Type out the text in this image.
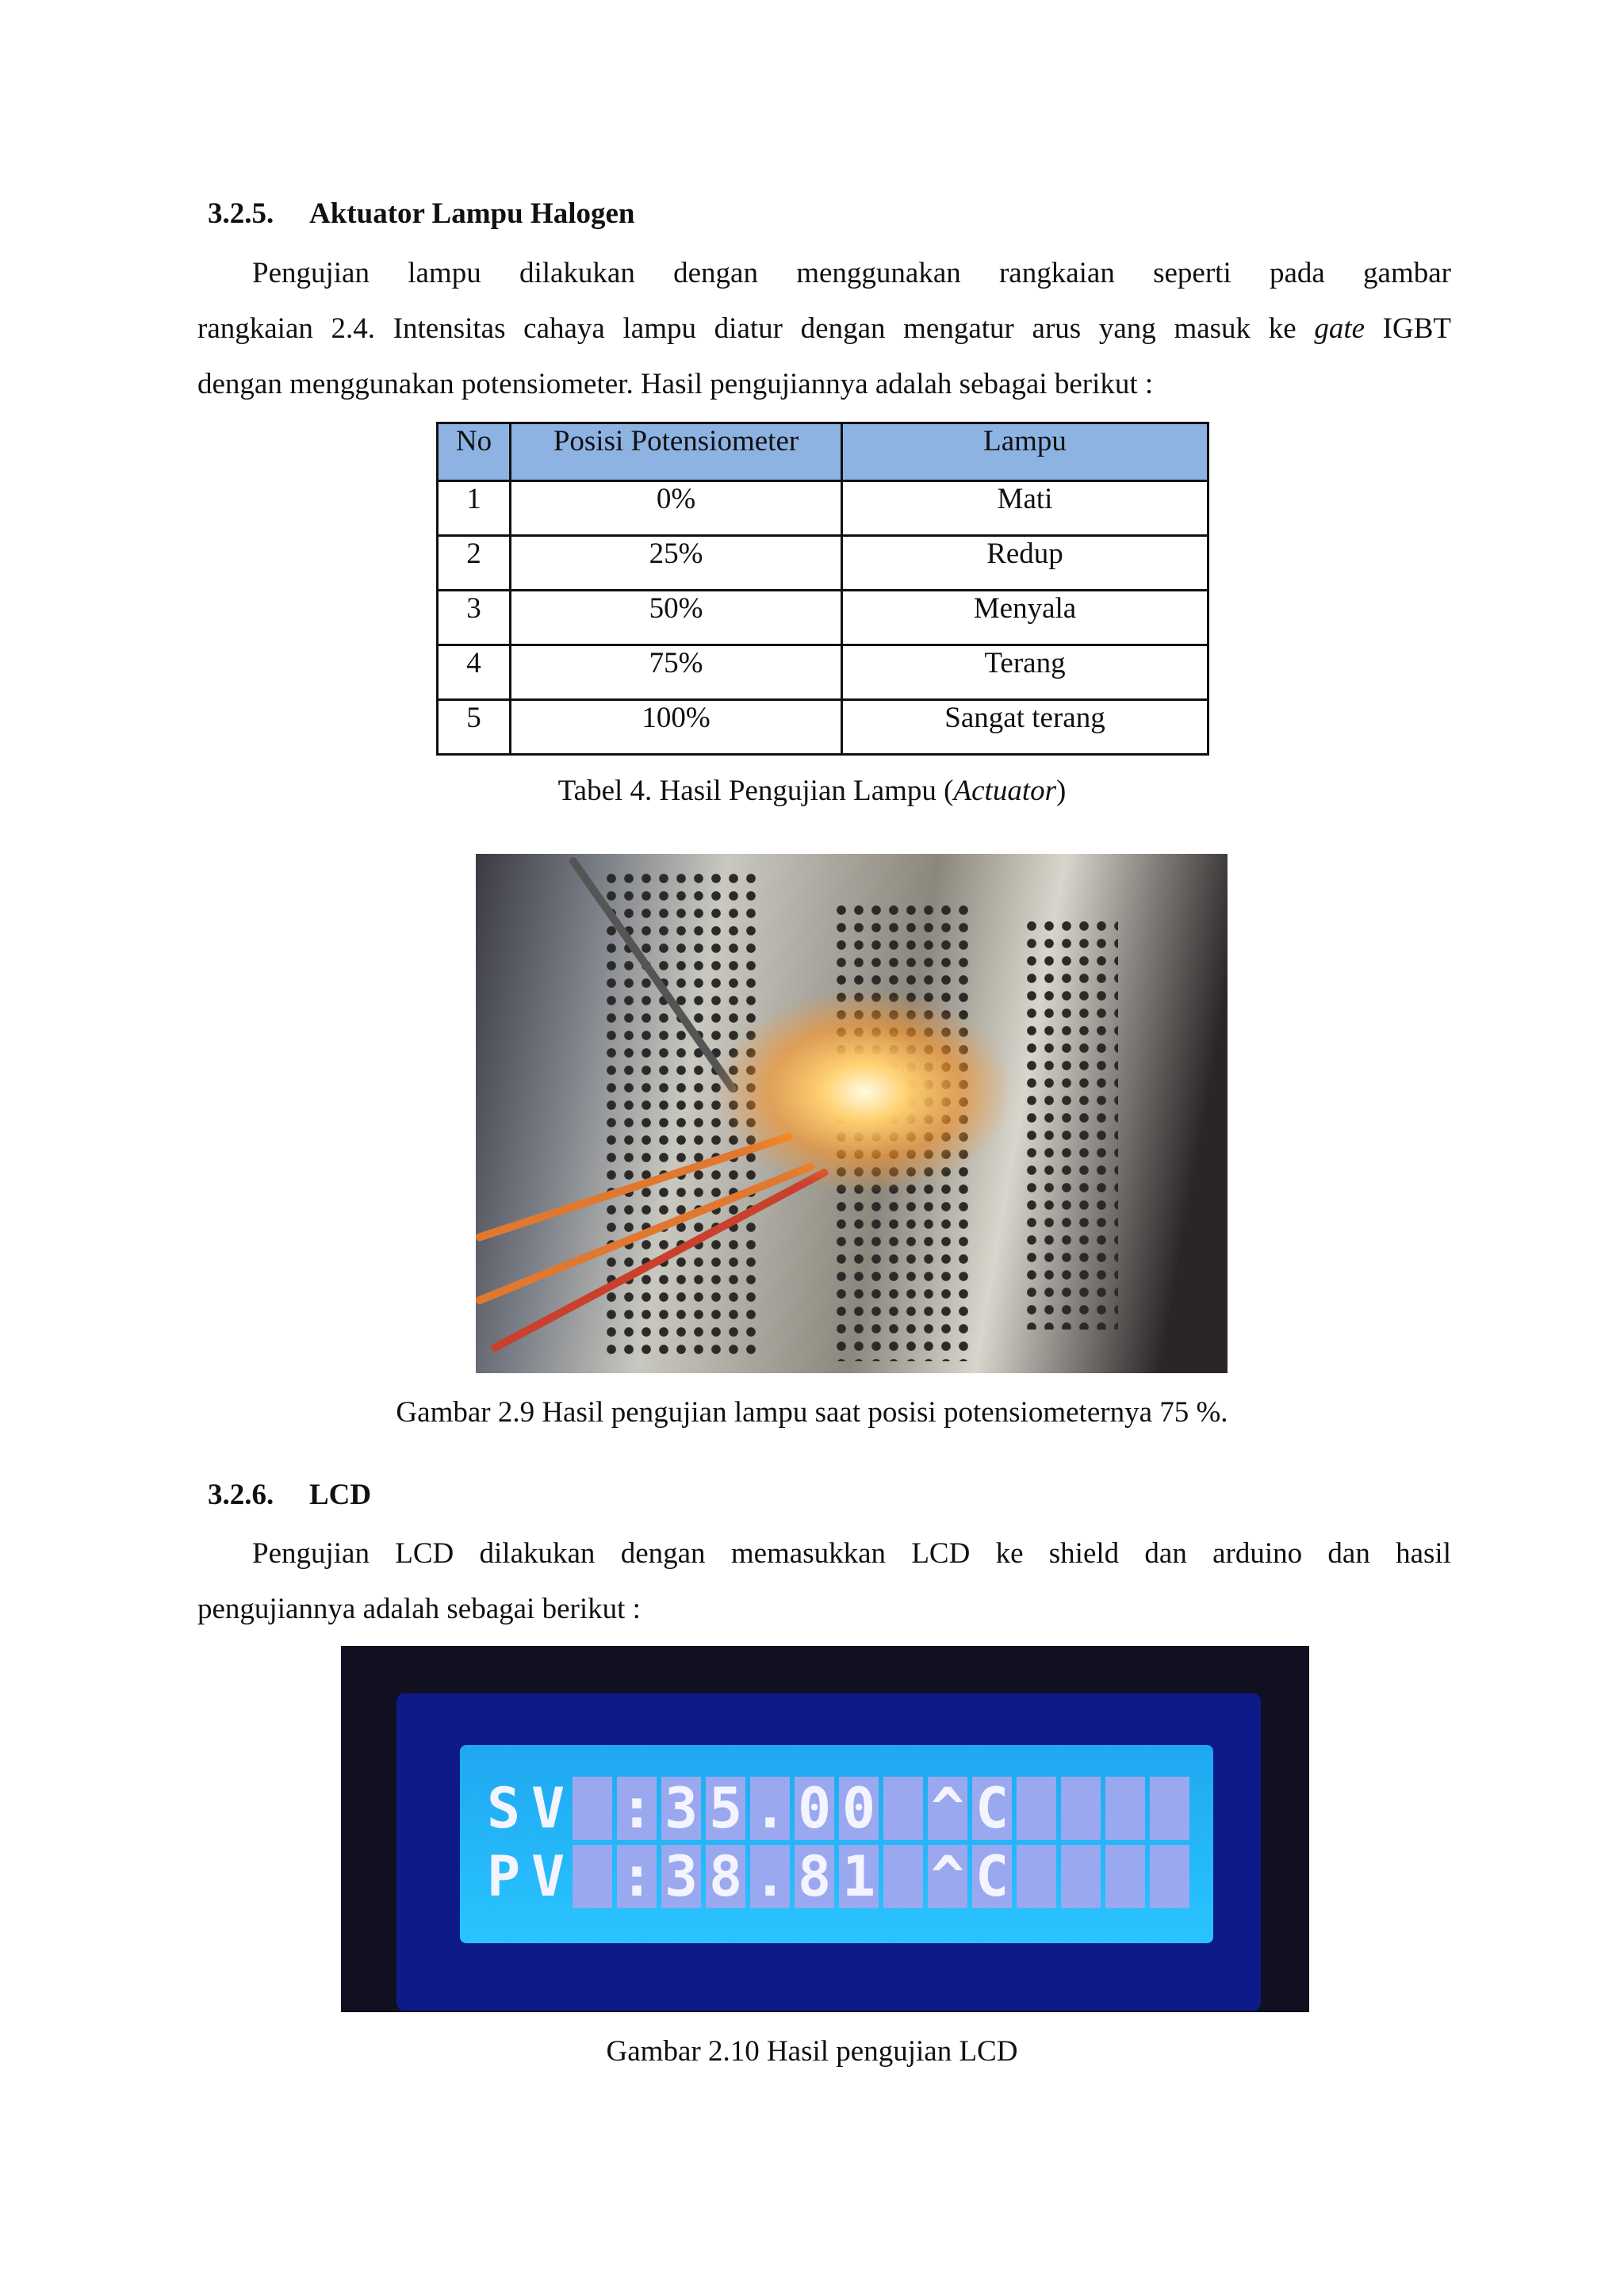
3.2.5. Aktuator Lampu Halogen
Pengujian lampu dilakukan dengan menggunakan rangkaian seperti pada gambar
rangkaian 2.4. Intensitas cahaya lampu diatur dengan mengatur arus yang masuk ke gate IGBT
dengan menggunakan potensiometer. Hasil pengujiannya adalah sebagai berikut :
No	Posisi Potensiometer	Lampu
1	0%	Mati
2	25%	Redup
3	50%	Menyala
4	75%	Terang
5	100%	Sangat terang
Tabel 4. Hasil Pengujian Lampu (Actuator)
Gambar 2.9 Hasil pengujian lampu saat posisi potensiometernya 75 %.
3.2.6. LCD
Pengujian LCD dilakukan dengan memasukkan LCD ke shield dan arduino dan hasil
pengujiannya adalah sebagai berikut :
SV :35.00 ^C
PV :38.81 ^C
Gambar 2.10 Hasil pengujian LCD
